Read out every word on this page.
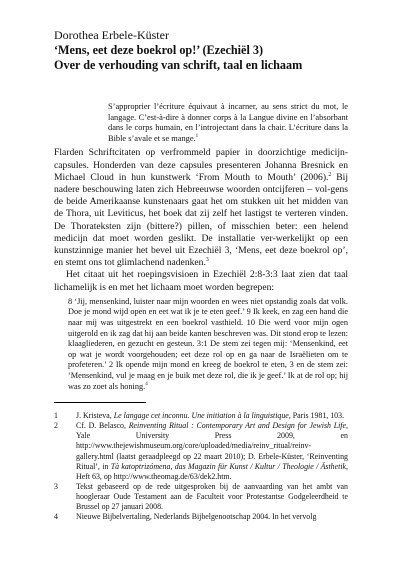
Dorothea Erbele-Küster

‘Mens, eet deze boekrol op!’ (Ezechiël 3)

Over de verhouding van schrift, taal en lichaam

S’approprier l’écriture équivaut à incarner, au sens strict du mot, le langage. C’est-à-dire à donner corps à la Langue divine en l’absorbant dans le corps humain, en l’introjectant dans la chair. L’écriture dans la Bible s’avale et se mange.$^1$

Flarden Schriftcitaten op verfrommeld papier in doorzichtige medicijn-capsules. Honderden van deze capsules presenteren Johanna Bresnick en Michael Cloud in hun kunstwerk ‘From Mouth to Mouth’ (2006).$^2$ Bij nadere beschouwing laten zich Hebreeuwse woorden ontcijferen – vol-gens de beide Amerikaanse kunstenaars gaat het om stukken uit het midden van de Thora, uit Leviticus, het boek dat zij zelf het lastigst te verteren vinden. De Thorateksten zijn (bittere?) pillen, of misschien beter: een helend medicijn dat moet worden geslikt. De installatie ver-werkelijkt op een kunstzinnige manier het bevel uit Ezechiël 3, ‘Mens, eet deze boekrol op’, en stemt ons tot glimlachend nadenken.$^3$

Het citaat uit het roepingsvisioen in Ezechiël 2:8-3:3 laat zien dat taal lichamelijk is en met het lichaam moet worden begrepen:

8 ‘Jij, mensenkind, luister naar mijn woorden en wees niet opstandig zoals dat volk. Doe je mond wijd open en eet wat ik je te eten geef.’ 9 Ik keek, en zag een hand die naar mij was uitgestrekt en een boekrol vasthield. 10 Die werd voor mijn ogen uitgerold en ik zag dat hij aan beide kanten beschreven was. Dit stond erop te lezen: klaagliederen, en gezucht en gesteun. 3:1 De stem zei tegen mij: ‘Mensenkind, eet op wat je wordt voorgehouden; eet deze rol op en ga naar de Israëlieten om te profeteren.’ 2 Ik opende mijn mond en kreeg de boekrol te eten, 3 en de stem zei: ‘Mensenkind, vul je maag en je buik met deze rol, die ik je geef.’ Ik at de rol op; hij was zo zoet als honing.$^4$
1	J. Kristeva, Le langage cet inconnu. Une initiation à la linguistique, Paris 1981, 103.
2	Cf. D. Belasco, Reinventing Ritual : Contemporary Art and Design for Jewish Life, Yale University Press 2009, en http://www.thejewishmuseum.org/core/uploaded/media/reinv_ritual/reinv-gallery.html (laatst geraadpleegd op 22 maart 2010); D. Erbele-Küster, ‘Reinventing Ritual’, in Tà katoptrizómena, das Magazin für Kunst / Kultur / Theologie / Ästhetik, Heft 63, op http://www.theomag.de/63/dek2.htm.
3	Tekst gebaseerd op de rede uitgesproken bij de aanvaarding van het ambt van hoogleraar Oude Testament aan de Faculteit voor Protestantse Godgeleerdheid te Brussel op 27 januari 2008.
4	Nieuwe Bijbelvertaling, Nederlands Bijbelgenootschap 2004. In het vervolg
